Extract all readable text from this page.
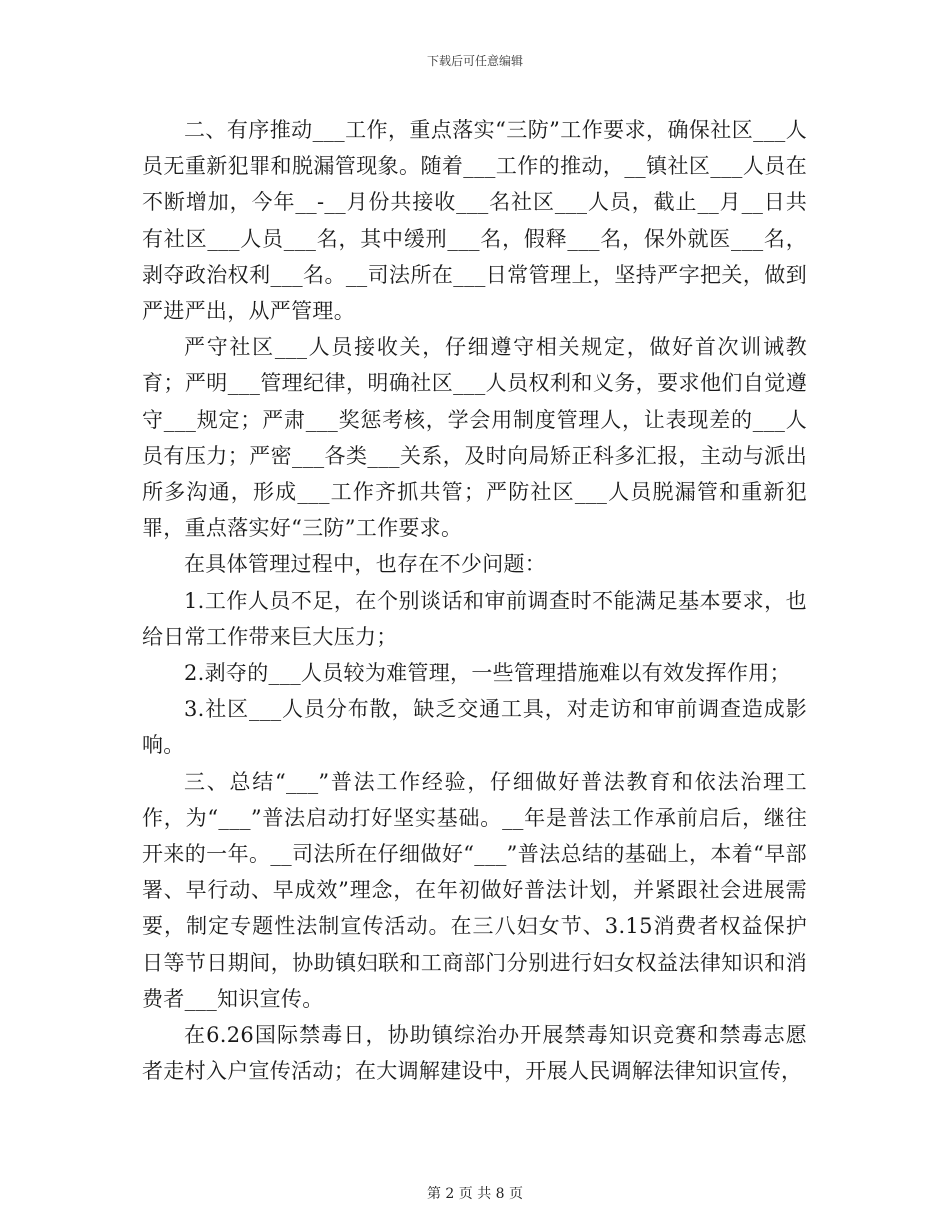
下载后可任意编辑

二、有序推动___工作，重点落实“三防”工作要求，确保社区___人员无重新犯罪和脱漏管现象。随着___工作的推动，__镇社区___人员在不断增加，今年__-__月份共接收___名社区___人员，截止__月__日共有社区___人员___名，其中缓刑___名，假释___名，保外就医___名，剥夺政治权利___名。__司法所在___日常管理上，坚持严字把关，做到严进严出，从严管理。

严守社区___人员接收关，仔细遵守相关规定，做好首次训诫教育；严明___管理纪律，明确社区___人员权利和义务，要求他们自觉遵守___规定；严肃___奖惩考核，学会用制度管理人，让表现差的___人员有压力；严密___各类___关系，及时向局矫正科多汇报，主动与派出所多沟通，形成___工作齐抓共管；严防社区___人员脱漏管和重新犯罪，重点落实好“三防”工作要求。

在具体管理过程中，也存在不少问题：

1.工作人员不足，在个别谈话和审前调查时不能满足基本要求，也给日常工作带来巨大压力；

2.剥夺的___人员较为难管理，一些管理措施难以有效发挥作用；

3.社区___人员分布散，缺乏交通工具，对走访和审前调查造成影响。

三、总结“___”普法工作经验，仔细做好普法教育和依法治理工作，为“___”普法启动打好坚实基础。__年是普法工作承前启后，继往开来的一年。__司法所在仔细做好“___”普法总结的基础上，本着“早部署、早行动、早成效”理念，在年初做好普法计划，并紧跟社会进展需要，制定专题性法制宣传活动。在三八妇女节、3.15消费者权益保护日等节日期间，协助镇妇联和工商部门分别进行妇女权益法律知识和消费者___知识宣传。

在6.26国际禁毒日，协助镇综治办开展禁毒知识竞赛和禁毒志愿者走村入户宣传活动；在大调解建设中，开展人民调解法律知识宣传，

第 2 页 共 8 页
